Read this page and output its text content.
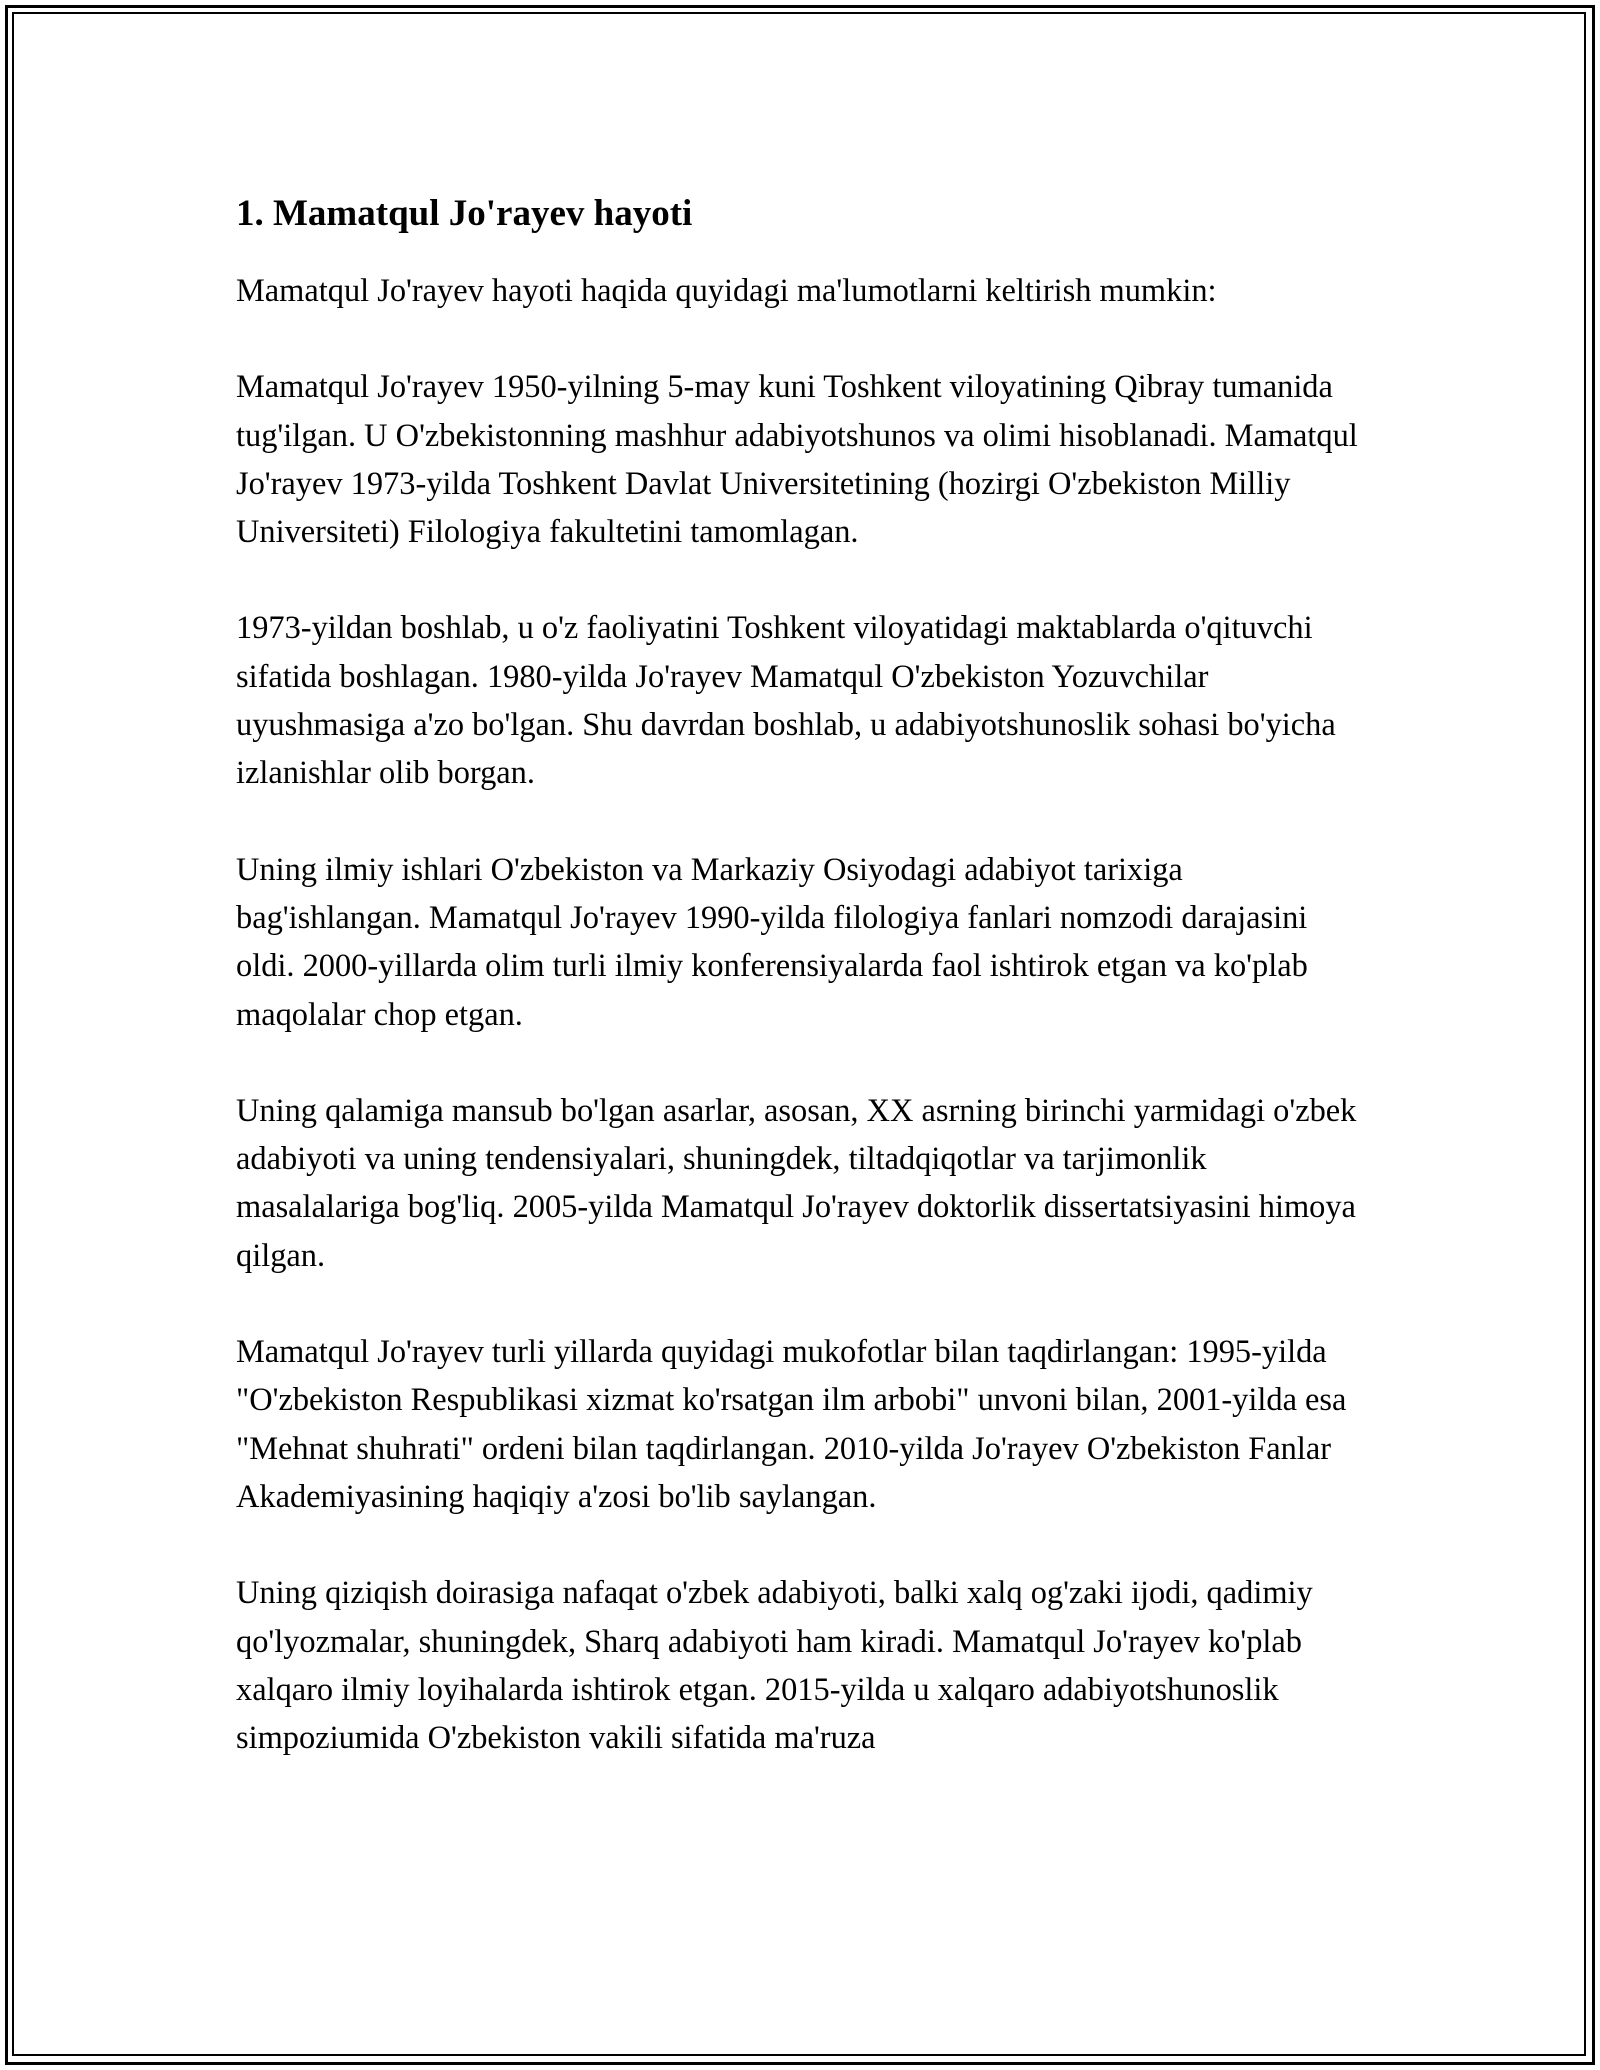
1. Mamatqul Jo'rayev hayoti

Mamatqul Jo'rayev hayoti haqida quyidagi ma'lumotlarni keltirish mumkin:

Mamatqul Jo'rayev 1950-yilning 5-may kuni Toshkent viloyatining Qibray tumanida tug'ilgan. U O'zbekistonning mashhur adabiyotshunos va olimi hisoblanadi. Mamatqul Jo'rayev 1973-yilda Toshkent Davlat Universitetining (hozirgi O'zbekiston Milliy Universiteti) Filologiya fakultetini tamomlagan.

1973-yildan boshlab, u o'z faoliyatini Toshkent viloyatidagi maktablarda o'qituvchi sifatida boshlagan. 1980-yilda Jo'rayev Mamatqul O'zbekiston Yozuvchilar uyushmasiga a'zo bo'lgan. Shu davrdan boshlab, u adabiyotshunoslik sohasi bo'yicha izlanishlar olib borgan.

Uning ilmiy ishlari O'zbekiston va Markaziy Osiyodagi adabiyot tarixiga bag'ishlangan. Mamatqul Jo'rayev 1990-yilda filologiya fanlari nomzodi darajasini oldi. 2000-yillarda olim turli ilmiy konferensiyalarda faol ishtirok etgan va ko'plab maqolalar chop etgan.

Uning qalamiga mansub bo'lgan asarlar, asosan, XX asrning birinchi yarmidagi o'zbek adabiyoti va uning tendensiyalari, shuningdek, tiltadqiqotlar va tarjimonlik masalalariga bog'liq. 2005-yilda Mamatqul Jo'rayev doktorlik dissertatsiyasini himoya qilgan.

Mamatqul Jo'rayev turli yillarda quyidagi mukofotlar bilan taqdirlangan: 1995-yilda "O'zbekiston Respublikasi xizmat ko'rsatgan ilm arbobi" unvoni bilan, 2001-yilda esa "Mehnat shuhrati" ordeni bilan taqdirlangan. 2010-yilda Jo'rayev O'zbekiston Fanlar Akademiyasining haqiqiy a'zosi bo'lib saylangan.

Uning qiziqish doirasiga nafaqat o'zbek adabiyoti, balki xalq og'zaki ijodi, qadimiy qo'lyozmalar, shuningdek, Sharq adabiyoti ham kiradi. Mamatqul Jo'rayev ko'plab xalqaro ilmiy loyihalarda ishtirok etgan. 2015-yilda u xalqaro adabiyotshunoslik simpoziumida O'zbekiston vakili sifatida ma'ruza
